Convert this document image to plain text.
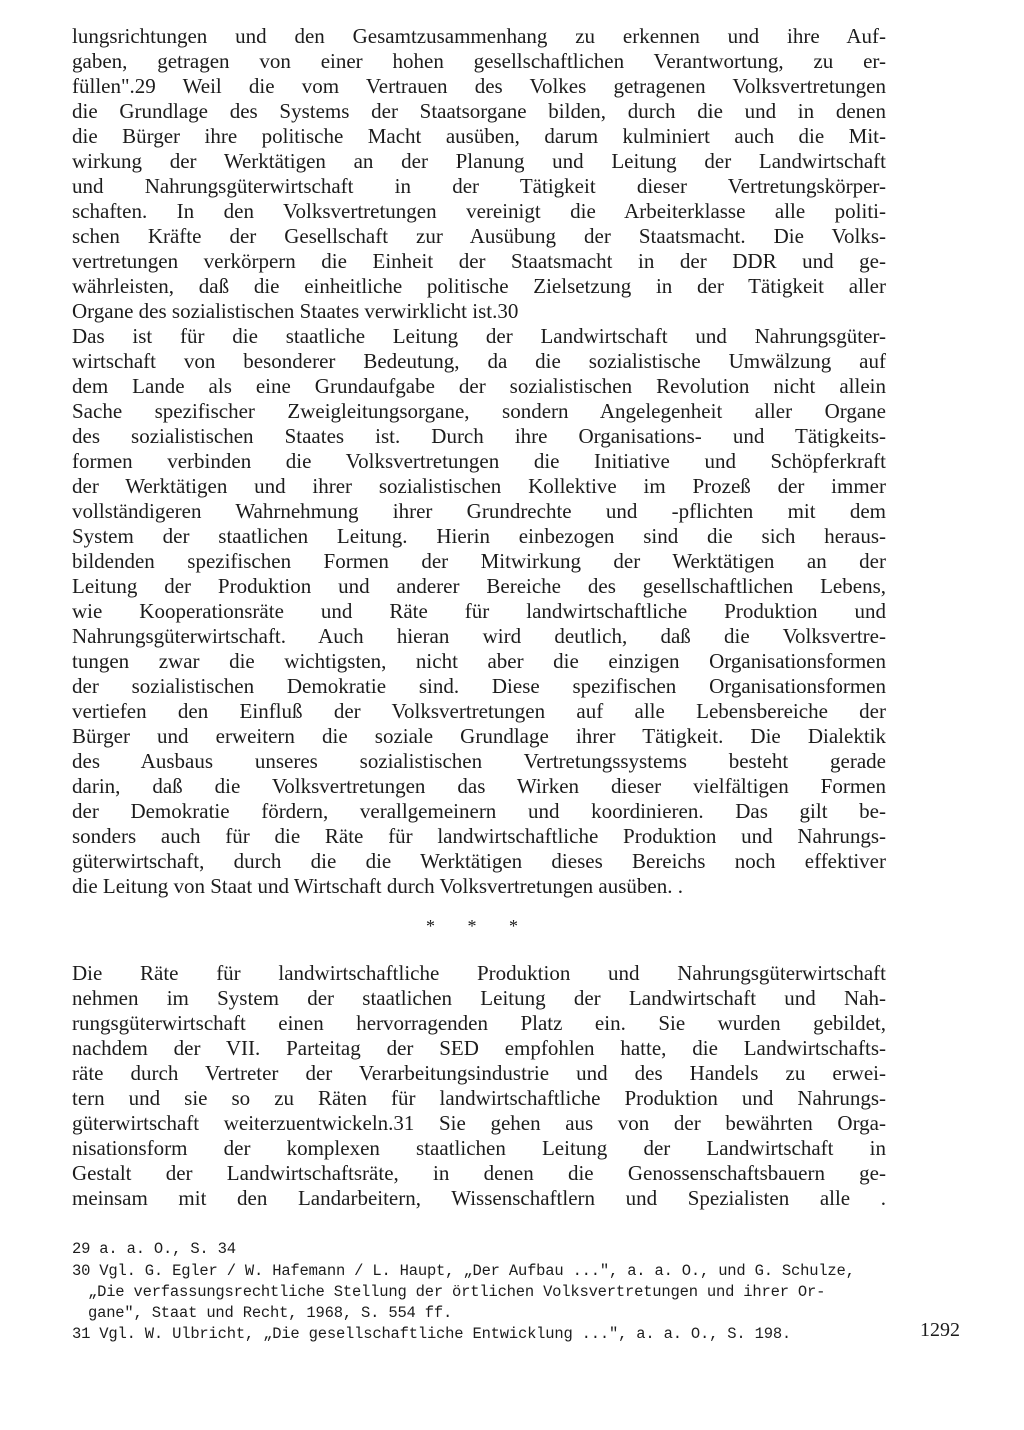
lungsrichtungen und den Gesamtzusammenhang zu erkennen und ihre Auf-
gaben, getragen von einer hohen gesellschaftlichen Verantwortung, zu er-
füllen".29 Weil die vom Vertrauen des Volkes getragenen Volksvertretungen
die Grundlage des Systems der Staatsorgane bilden, durch die und in denen
die Bürger ihre politische Macht ausüben, darum kulminiert auch die Mit-
wirkung der Werktätigen an der Planung und Leitung der Landwirtschaft
und Nahrungsgüterwirtschaft in der Tätigkeit dieser Vertretungskörper-
schaften. In den Volksvertretungen vereinigt die Arbeiterklasse alle politi-
schen Kräfte der Gesellschaft zur Ausübung der Staatsmacht. Die Volks-
vertretungen verkörpern die Einheit der Staatsmacht in der DDR und ge-
währleisten, daß die einheitliche politische Zielsetzung in der Tätigkeit aller
Organe des sozialistischen Staates verwirklicht ist.30
Das ist für die staatliche Leitung der Landwirtschaft und Nahrungsgüter-
wirtschaft von besonderer Bedeutung, da die sozialistische Umwälzung auf
dem Lande als eine Grundaufgabe der sozialistischen Revolution nicht allein
Sache spezifischer Zweigleitungsorgane, sondern Angelegenheit aller Organe
des sozialistischen Staates ist. Durch ihre Organisations- und Tätigkeits-
formen verbinden die Volksvertretungen die Initiative und Schöpferkraft
der Werktätigen und ihrer sozialistischen Kollektive im Prozeß der immer
vollständigeren Wahrnehmung ihrer Grundrechte und -pflichten mit dem
System der staatlichen Leitung. Hierin einbezogen sind die sich heraus-
bildenden spezifischen Formen der Mitwirkung der Werktätigen an der
Leitung der Produktion und anderer Bereiche des gesellschaftlichen Lebens,
wie Kooperationsräte und Räte für landwirtschaftliche Produktion und
Nahrungsgüterwirtschaft. Auch hieran wird deutlich, daß die Volksvertre-
tungen zwar die wichtigsten, nicht aber die einzigen Organisationsformen
der sozialistischen Demokratie sind. Diese spezifischen Organisationsformen
vertiefen den Einfluß der Volksvertretungen auf alle Lebensbereiche der
Bürger und erweitern die soziale Grundlage ihrer Tätigkeit. Die Dialektik
des Ausbaus unseres sozialistischen Vertretungssystems besteht gerade
darin, daß die Volksvertretungen das Wirken dieser vielfältigen Formen
der Demokratie fördern, verallgemeinern und koordinieren. Das gilt be-
sonders auch für die Räte für landwirtschaftliche Produktion und Nahrungs-
güterwirtschaft, durch die die Werktätigen dieses Bereichs noch effektiver
die Leitung von Staat und Wirtschaft durch Volksvertretungen ausüben. .
* * *
Die Räte für landwirtschaftliche Produktion und Nahrungsgüterwirtschaft
nehmen im System der staatlichen Leitung der Landwirtschaft und Nah-
rungsgüterwirtschaft einen hervorragenden Platz ein. Sie wurden gebildet,
nachdem der VII. Parteitag der SED empfohlen hatte, die Landwirtschafts-
räte durch Vertreter der Verarbeitungsindustrie und des Handels zu erwei-
tern und sie so zu Räten für landwirtschaftliche Produktion und Nahrungs-
güterwirtschaft weiterzuentwickeln.31 Sie gehen aus von der bewährten Orga-
nisationsform der komplexen staatlichen Leitung der Landwirtschaft in
Gestalt der Landwirtschaftsräte, in denen die Genossenschaftsbauern ge-
meinsam mit den Landarbeitern, Wissenschaftlern und Spezialisten alle .
29 a. a. O., S. 34
30 Vgl. G. Egler / W. Hafemann / L. Haupt, „Der Aufbau ...", a. a. O., und G. Schulze,
„Die verfassungsrechtliche Stellung der örtlichen Volksvertretungen und ihrer Or-
gane", Staat und Recht, 1968, S. 554 ff.
31 Vgl. W. Ulbricht, „Die gesellschaftliche Entwicklung ...", a. a. O., S. 198.	1292
